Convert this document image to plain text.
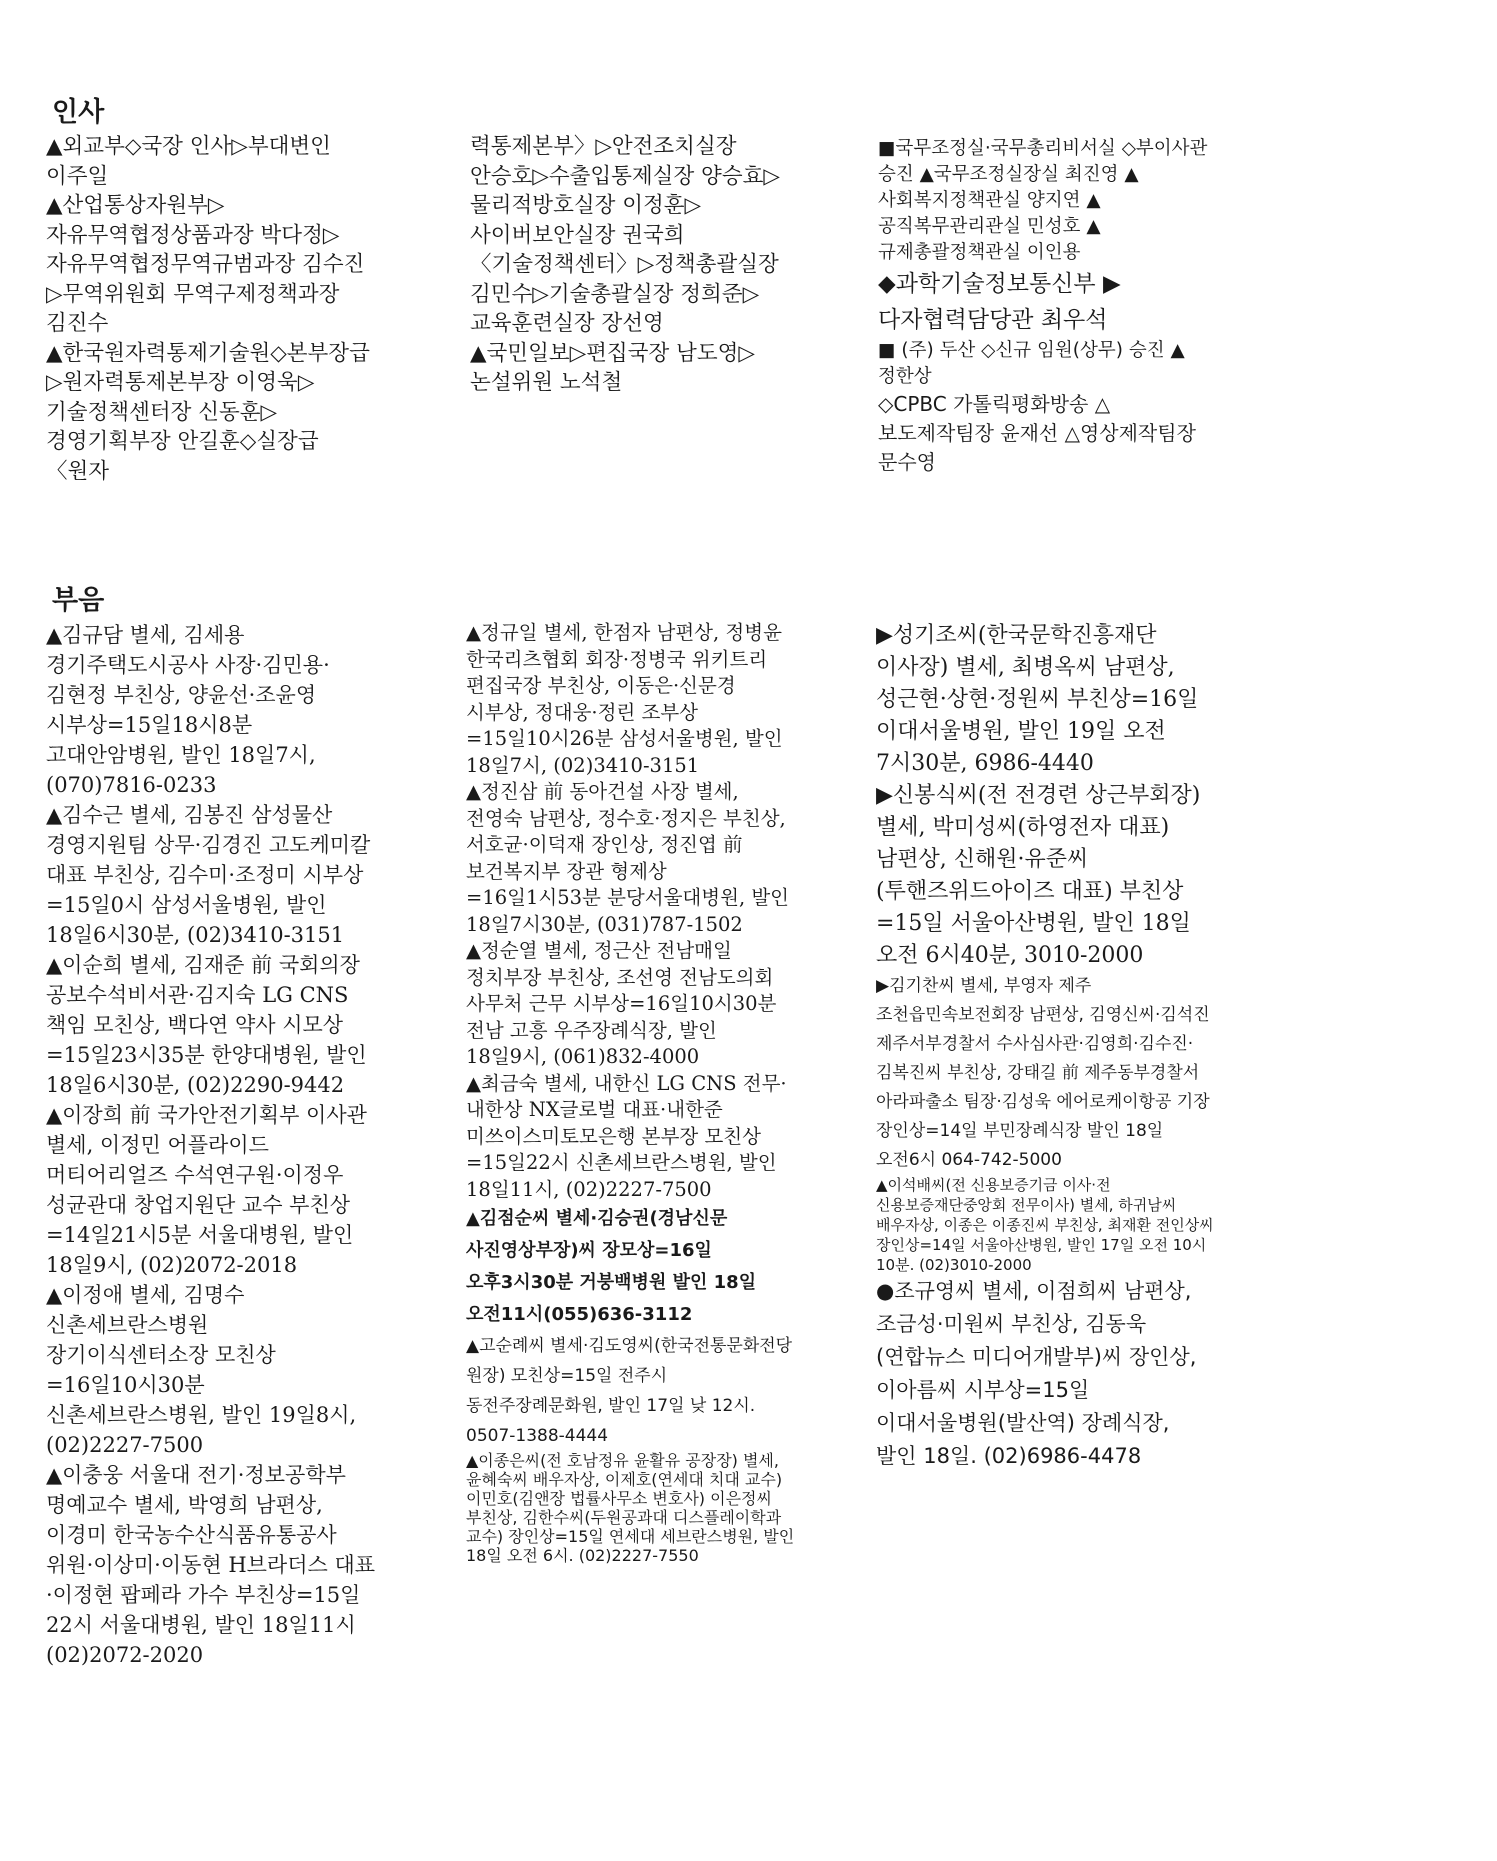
인사

▲외교부◇국장 인사▷부대변인 이주일

▲산업통상자원부▷자유무역협정상품과장 박다정▷자유무역협정무역규범과장 김수진▷무역위원회 무역구제정책과장 김진수

▲한국원자력통제기술원◇본부장급▷원자력통제본부장 이영욱▷기술정책센터장 신동훈▷경영기획부장 안길훈◇실장급〈원자

력통제본부〉▷안전조치실장 안승호▷수출입통제실장 양승효▷물리적방호실장 이정훈▷사이버보안실장 권국희〈기술정책센터〉▷정책총괄실장 김민수▷기술총괄실장 정희준▷교육훈련실장 장선영

▲국민일보▷편집국장 남도영▷논설위원 노석철

■국무조정실·국무총리비서실 ◇부이사관 승진 ▲국무조정실장실 최진영 ▲사회복지정책관실 양지연 ▲공직복무관리관실 민성호 ▲규제총괄정책관실 이인용

◆과학기술정보통신부 ▶다자협력담당관 최우석

■ (주) 두산 ◇신규 임원(상무) 승진 ▲정한상

◇CPBC 가톨릭평화방송 △보도제작팀장 윤재선 △영상제작팀장 문수영

부음

▲김규담 별세, 김세용 경기주택도시공사 사장·김민용·김현정 부친상, 양윤선·조윤영 시부상=15일18시8분 고대안암병원, 발인 18일7시, (070)7816-0233

▲김수근 별세, 김봉진 삼성물산 경영지원팀 상무·김경진 고도케미칼 대표 부친상, 김수미·조정미 시부상=15일0시 삼성서울병원, 발인 18일6시30분, (02)3410-3151

▲이순희 별세, 김재준 前 국회의장 공보수석비서관·김지숙 LG CNS 책임 모친상, 백다연 약사 시모상=15일23시35분 한양대병원, 발인 18일6시30분, (02)2290-9442

▲이장희 前 국가안전기획부 이사관 별세, 이정민 어플라이드 머티어리얼즈 수석연구원·이정우 성균관대 창업지원단 교수 부친상=14일21시5분 서울대병원, 발인 18일9시, (02)2072-2018

▲이정애 별세, 김명수 신촌세브란스병원 장기이식센터소장 모친상=16일10시30분 신촌세브란스병원, 발인 19일8시, (02)2227-7500

▲이충웅 서울대 전기·정보공학부 명예교수 별세, 박영희 남편상, 이경미 한국농수산식품유통공사 위원·이상미·이동현 H브라더스 대표·이정현 팝페라 가수 부친상=15일 22시 서울대병원, 발인 18일11시 (02)2072-2020

▲정규일 별세, 한점자 남편상, 정병윤 한국리츠협회 회장·정병국 위키트리 편집국장 부친상, 이동은·신문경 시부상, 정대웅·정린 조부상=15일10시26분 삼성서울병원, 발인 18일7시, (02)3410-3151

▲정진삼 前 동아건설 사장 별세, 전영숙 남편상, 정수호·정지은 부친상, 서호균·이덕재 장인상, 정진엽 前 보건복지부 장관 형제상=16일1시53분 분당서울대병원, 발인 18일7시30분, (031)787-1502

▲정순열 별세, 정근산 전남매일 정치부장 부친상, 조선영 전남도의회 사무처 근무 시부상=16일10시30분 전남 고흥 우주장례식장, 발인 18일9시, (061)832-4000

▲최금숙 별세, 내한신 LG CNS 전무·내한상 NX글로벌 대표·내한준 미쓰이스미토모은행 본부장 모친상=15일22시 신촌세브란스병원, 발인 18일11시, (02)2227-7500

▲김점순씨 별세·김승권(경남신문 사진영상부장)씨 장모상=16일 오후3시30분 거붕백병원 발인 18일 오전11시(055)636-3112

▲고순례씨 별세·김도영씨(한국전통문화전당 원장) 모친상=15일 전주시 동전주장례문화원, 발인 17일 낮 12시. 0507-1388-4444

▲이종은씨(전 호남정유 윤활유 공장장) 별세, 윤혜숙씨 배우자상, 이제호(연세대 치대 교수) 이민호(김앤장 법률사무소 변호사) 이은정씨 부친상, 김한수씨(두원공과대 디스플레이학과 교수) 장인상=15일 연세대 세브란스병원, 발인 18일 오전 6시. (02)2227-7550

▶성기조씨(한국문학진흥재단 이사장) 별세, 최병옥씨 남편상, 성근현·상현·정원씨 부친상=16일 이대서울병원, 발인 19일 오전 7시30분, 6986-4440

▶신봉식씨(전 전경련 상근부회장) 별세, 박미성씨(하영전자 대표) 남편상, 신해원·유준씨(투핸즈위드아이즈 대표) 부친상=15일 서울아산병원, 발인 18일 오전 6시40분, 3010-2000

▶김기찬씨 별세, 부영자 제주 조천읍민속보전회장 남편상, 김영신씨·김석진 제주서부경찰서 수사심사관·김영희·김수진·김복진씨 부친상, 강태길 前 제주동부경찰서 아라파출소 팀장·김성욱 에어로케이항공 기장 장인상=14일 부민장례식장 발인 18일 오전6시 064-742-5000

▲이석배씨(전 신용보증기금 이사·전 신용보증재단중앙회 전무이사) 별세, 하귀남씨 배우자상, 이종은 이종진씨 부친상, 최재환 전인상씨 장인상=14일 서울아산병원, 발인 17일 오전 10시 10분. (02)3010-2000

●조규영씨 별세, 이점희씨 남편상, 조금성·미원씨 부친상, 김동욱(연합뉴스 미디어개발부)씨 장인상, 이아름씨 시부상=15일 이대서울병원(발산역) 장례식장, 발인 18일. (02)6986-4478
